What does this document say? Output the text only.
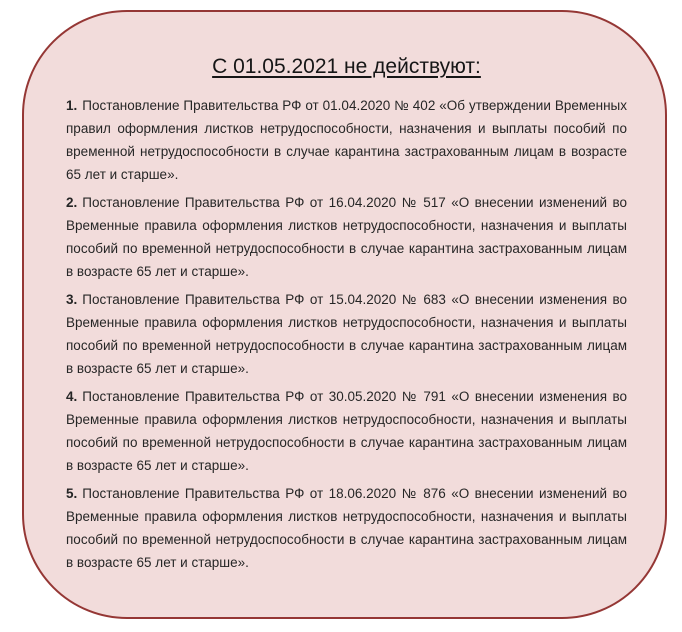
С 01.05.2021 не действуют:

1. Постановление Правительства РФ от 01.04.2020 № 402 «Об утверждении Временных правил оформления листков нетрудоспособности, назначения и выплаты пособий по временной нетрудоспособности в случае карантина застрахованным лицам в возрасте 65 лет и старше».

2. Постановление Правительства РФ от 16.04.2020 № 517 «О внесении изменений во Временные правила оформления листков нетрудоспособности, назначения и выплаты пособий по временной нетрудоспособности в случае карантина застрахованным лицам в возрасте 65 лет и старше».

3. Постановление Правительства РФ от 15.04.2020 № 683 «О внесении изменения во Временные правила оформления листков нетрудоспособности, назначения и выплаты пособий по временной нетрудоспособности в случае карантина застрахованным лицам в возрасте 65 лет и старше».

4. Постановление Правительства РФ от 30.05.2020 № 791 «О внесении изменения во Временные правила оформления листков нетрудоспособности, назначения и выплаты пособий по временной нетрудоспособности в случае карантина застрахованным лицам в возрасте 65 лет и старше».

5. Постановление Правительства РФ от 18.06.2020 № 876 «О внесении изменений во Временные правила оформления листков нетрудоспособности, назначения и выплаты пособий по временной нетрудоспособности в случае карантина застрахованным лицам в возрасте 65 лет и старше».
